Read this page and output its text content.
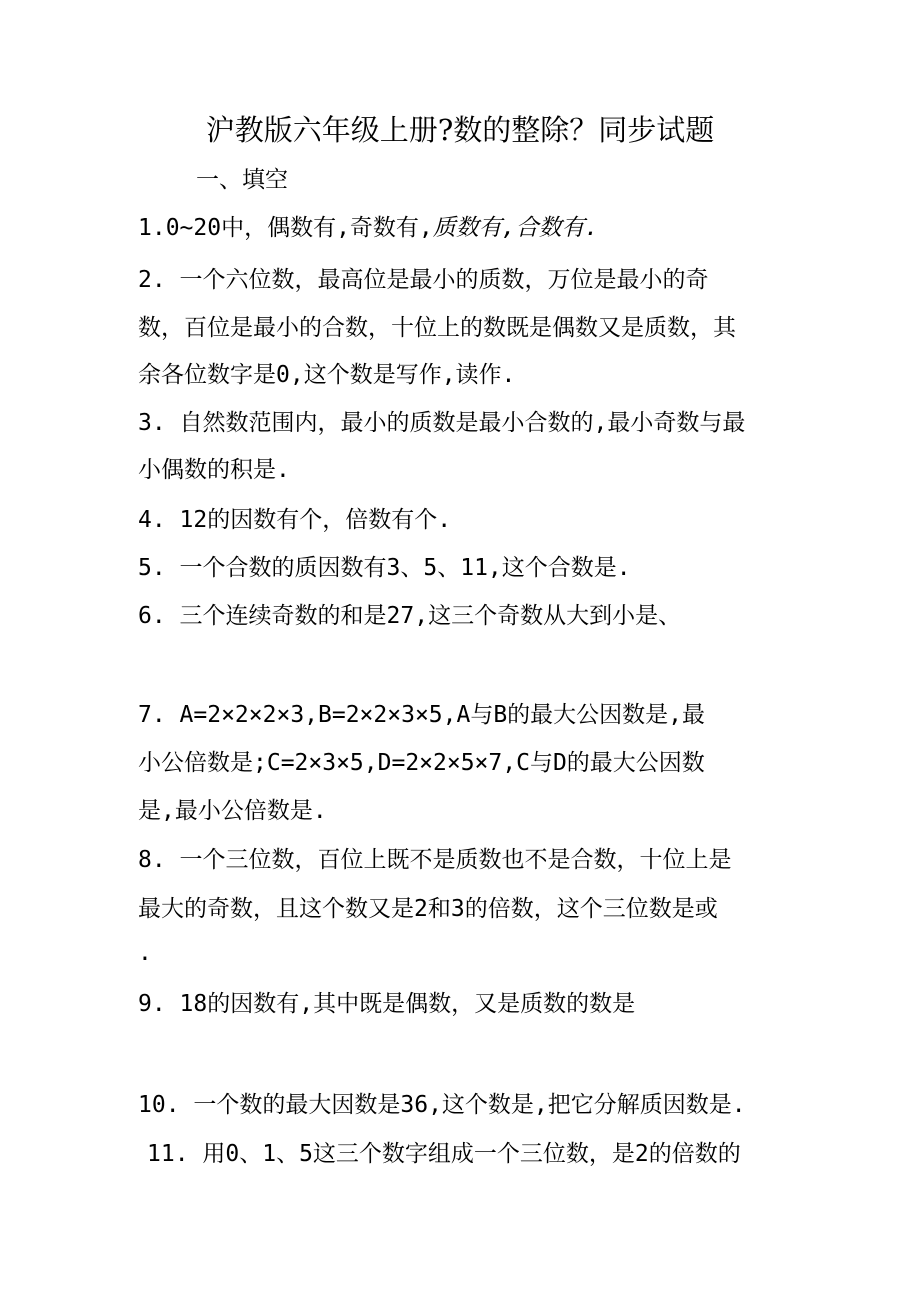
沪教版六年级上册?数的整除？同步试题
一、填空
1.0~20中，偶数有,奇数有,质数有,合数有.
2. 一个六位数，最高位是最小的质数，万位是最小的奇
数，百位是最小的合数，十位上的数既是偶数又是质数，其
余各位数字是0,这个数是写作,读作.
3. 自然数范围内，最小的质数是最小合数的,最小奇数与最
小偶数的积是.
4. 12的因数有个，倍数有个.
5. 一个合数的质因数有3、5、11,这个合数是.
6. 三个连续奇数的和是27,这三个奇数从大到小是、
7. A=2×2×2×3,B=2×2×3×5,A与B的最大公因数是,最
小公倍数是;C=2×3×5,D=2×2×5×7,C与D的最大公因数
是,最小公倍数是.
8. 一个三位数，百位上既不是质数也不是合数，十位上是
最大的奇数，且这个数又是2和3的倍数，这个三位数是或
.
9. 18的因数有,其中既是偶数，又是质数的数是
10. 一个数的最大因数是36,这个数是,把它分解质因数是.
11. 用0、1、5这三个数字组成一个三位数，是2的倍数的
